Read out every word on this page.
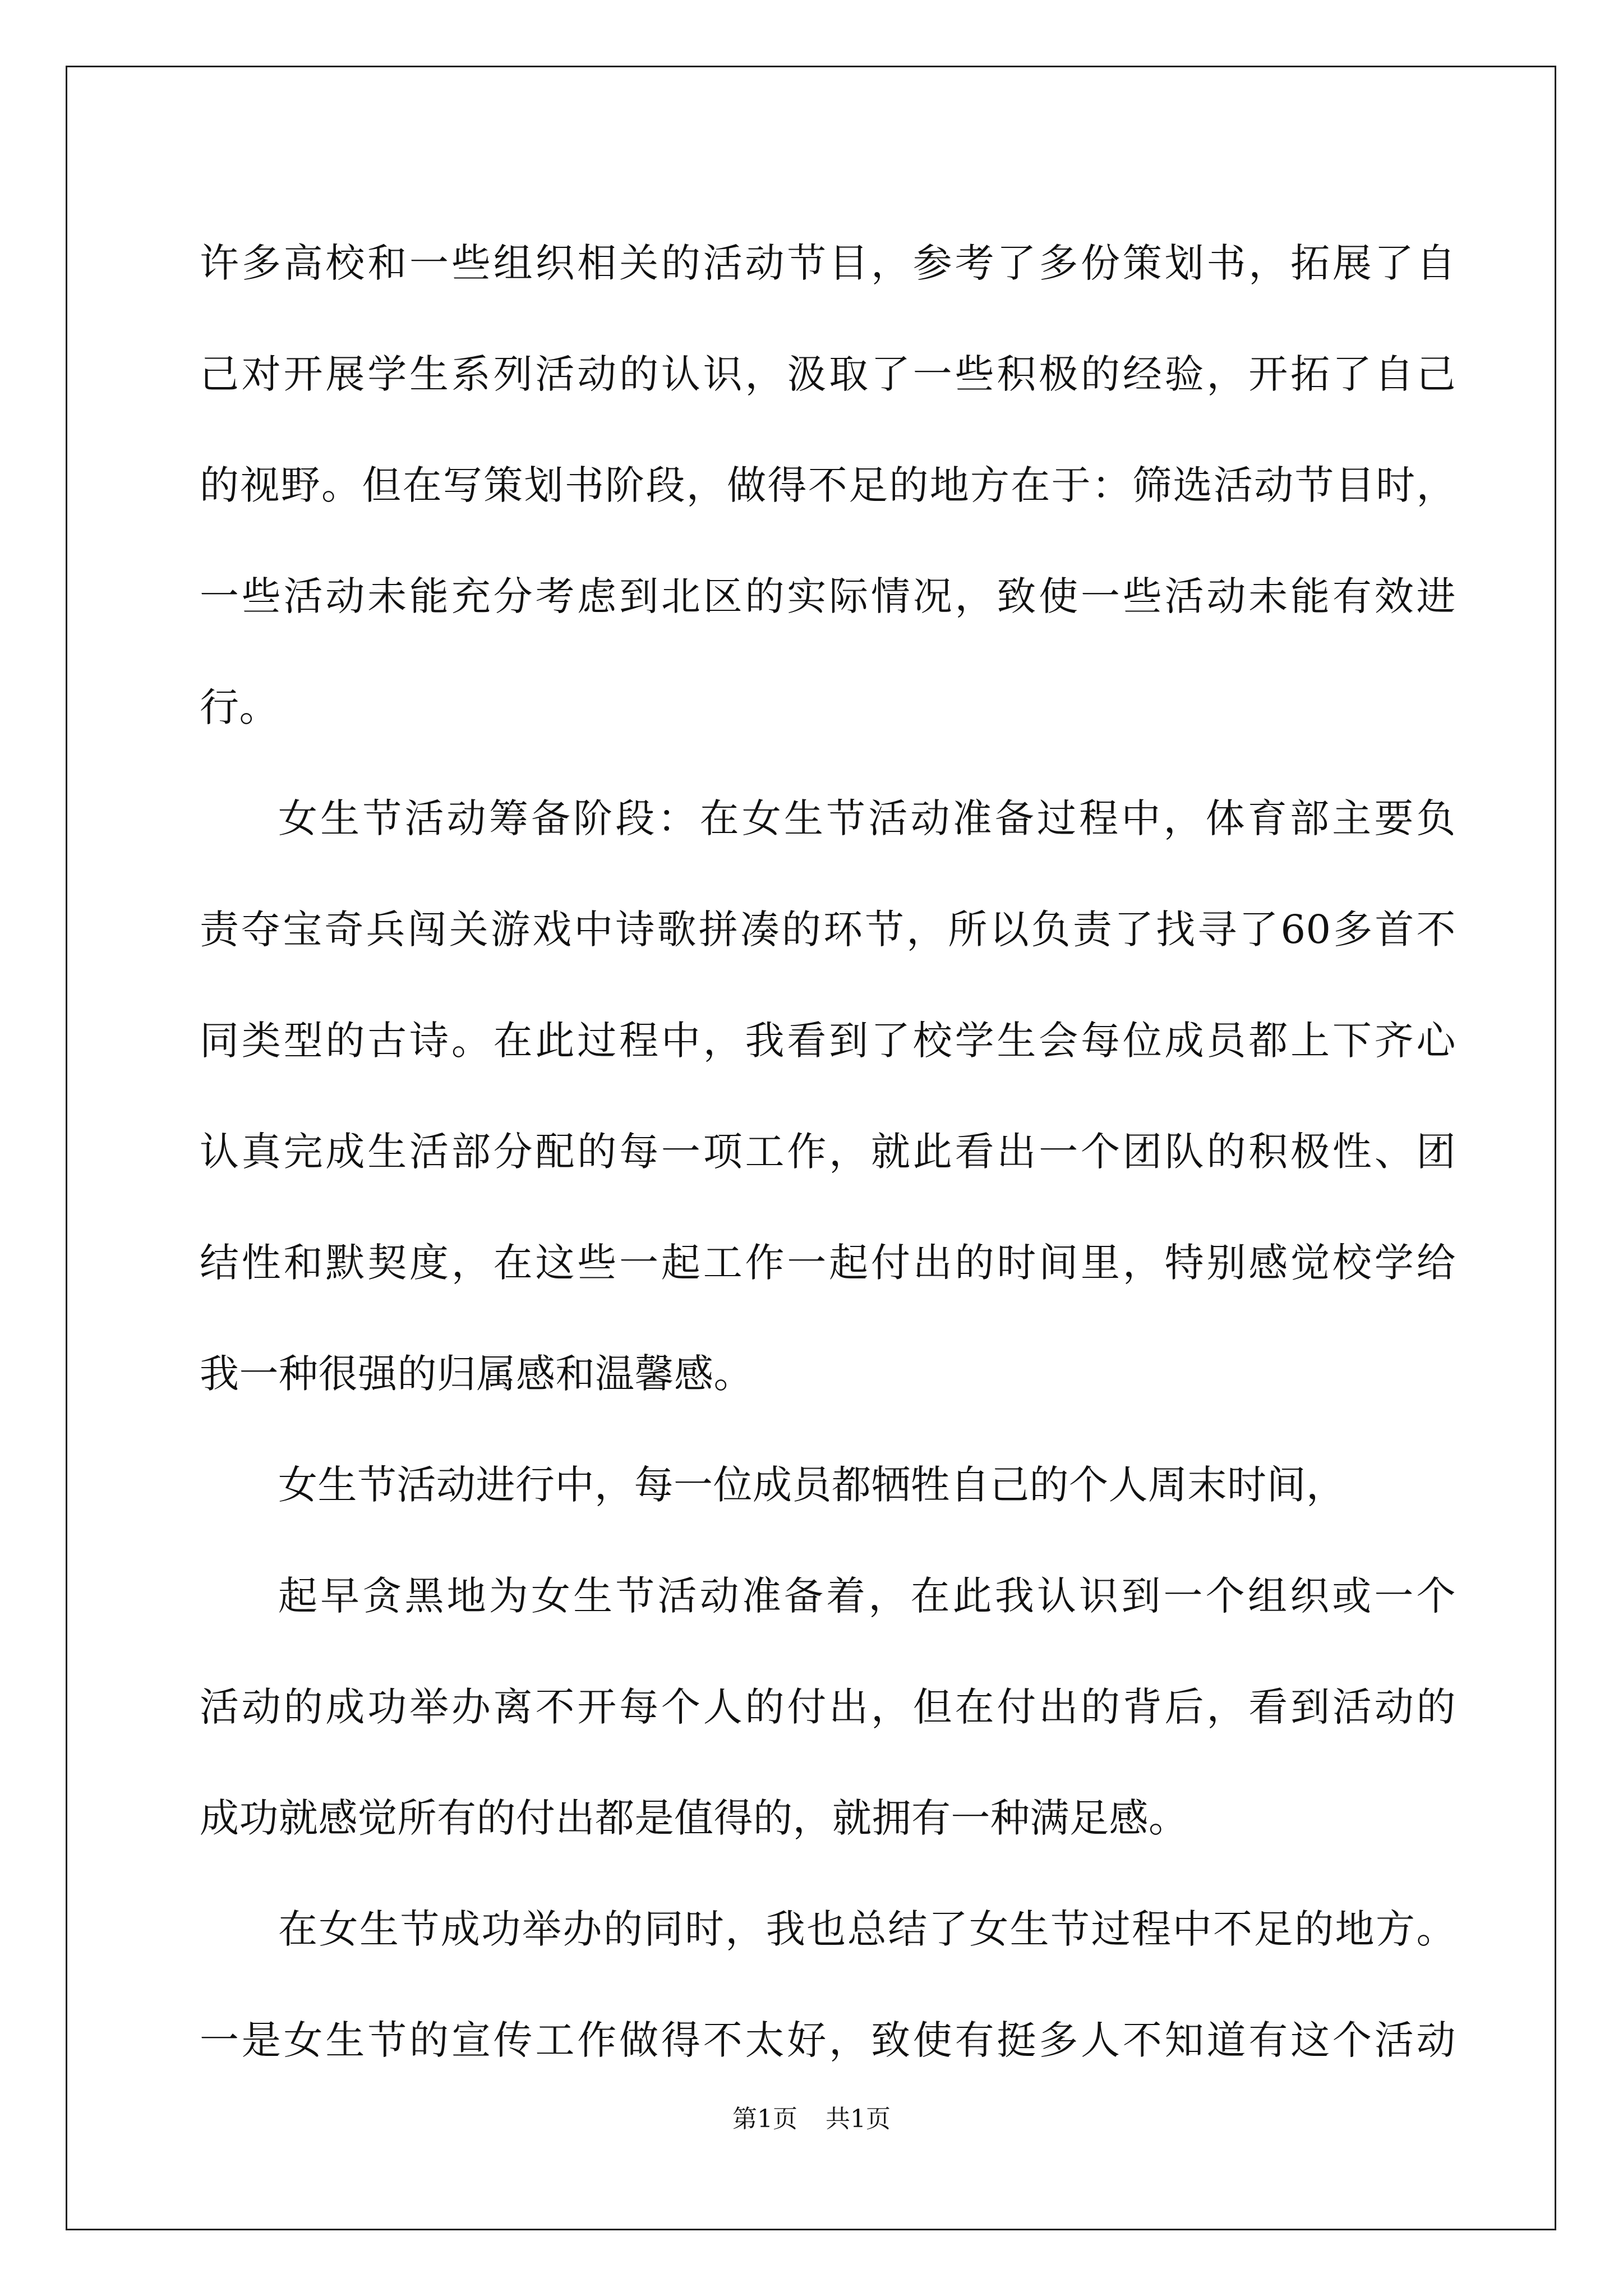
许多高校和一些组织相关的活动节目，参考了多份策划书，拓展了自
己对开展学生系列活动的认识，汲取了一些积极的经验，开拓了自己
的视野。但在写策划书阶段，做得不足的地方在于：筛选活动节目时，
一些活动未能充分考虑到北区的实际情况，致使一些活动未能有效进
行。
女生节活动筹备阶段：在女生节活动准备过程中，体育部主要负
责夺宝奇兵闯关游戏中诗歌拼凑的环节，所以负责了找寻了60多首不
同类型的古诗。在此过程中，我看到了校学生会每位成员都上下齐心
认真完成生活部分配的每一项工作，就此看出一个团队的积极性、团
结性和默契度，在这些一起工作一起付出的时间里，特别感觉校学给
我一种很强的归属感和温馨感。
女生节活动进行中，每一位成员都牺牲自己的个人周末时间，
起早贪黑地为女生节活动准备着，在此我认识到一个组织或一个
活动的成功举办离不开每个人的付出，但在付出的背后，看到活动的
成功就感觉所有的付出都是值得的，就拥有一种满足感。
在女生节成功举办的同时，我也总结了女生节过程中不足的地方。
一是女生节的宣传工作做得不太好，致使有挺多人不知道有这个活动
第1页 共1页
